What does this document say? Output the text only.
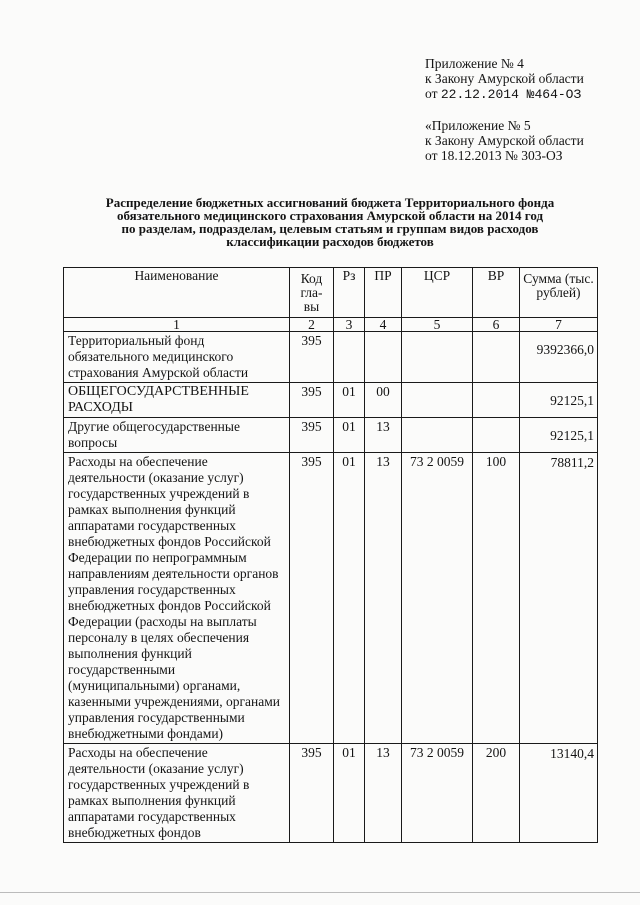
Приложение № 4
к Закону Амурской области
от 22.12.2014 №464-ОЗ
«Приложение № 5
к Закону Амурской области
от 18.12.2013 № 303-ОЗ
Распределение бюджетных ассигнований бюджета Территориального фонда
обязательного медицинского страхования Амурской области на 2014 год
по разделам, подразделам, целевым статьям и группам видов расходов
классификации расходов бюджетов
Наименование	Код гла-вы	Рз	ПР	ЦСР	ВР	Сумма (тыс. рублей)
1	2	3	4	5	6	7
Территориальный фонд обязательного медицинского страхования Амурской области	395					9392366,0
ОБЩЕГОСУДАРСТВЕННЫЕ РАСХОДЫ	395	01	00			92125,1
Другие общегосударственные вопросы	395	01	13			92125,1
Расходы на обеспечение деятельности (оказание услуг) государственных учреждений в рамках выполнения функций аппаратами государственных внебюджетных фондов Российской Федерации по непрограммным направлениям деятельности органов управления государственных внебюджетных фондов Российской Федерации (расходы на выплаты персоналу в целях обеспечения выполнения функций государственными (муниципальными) органами, казенными учреждениями, органами управления государственными внебюджетными фондами)	395	01	13	73 2 0059	100	78811,2
Расходы на обеспечение деятельности (оказание услуг) государственных учреждений в рамках выполнения функций аппаратами государственных внебюджетных фондов	395	01	13	73 2 0059	200	13140,4
